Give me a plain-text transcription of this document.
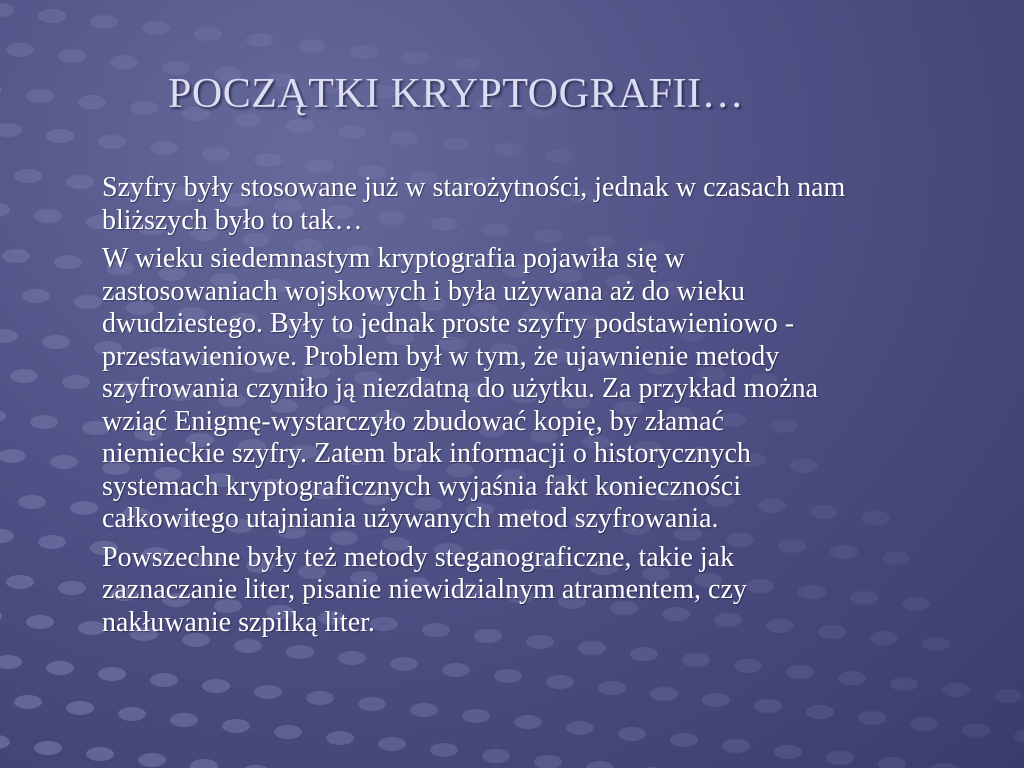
POCZĄTKI KRYPTOGRAFII…
Szyfry były stosowane już w starożytności, jednak w czasach nam
bliższych było to tak…
W wieku siedemnastym kryptografia pojawiła się w
zastosowaniach wojskowych i była używana aż do wieku
dwudziestego. Były to jednak proste szyfry podstawieniowo -
przestawieniowe. Problem był w tym, że ujawnienie metody
szyfrowania czyniło ją niezdatną do użytku. Za przykład można
wziąć Enigmę-wystarczyło zbudować kopię, by złamać
niemieckie szyfry. Zatem brak informacji o historycznych
systemach kryptograficznych wyjaśnia fakt konieczności
całkowitego utajniania używanych metod szyfrowania.
Powszechne były też metody steganograficzne, takie jak
zaznaczanie liter, pisanie niewidzialnym atramentem, czy
nakłuwanie szpilką liter.
